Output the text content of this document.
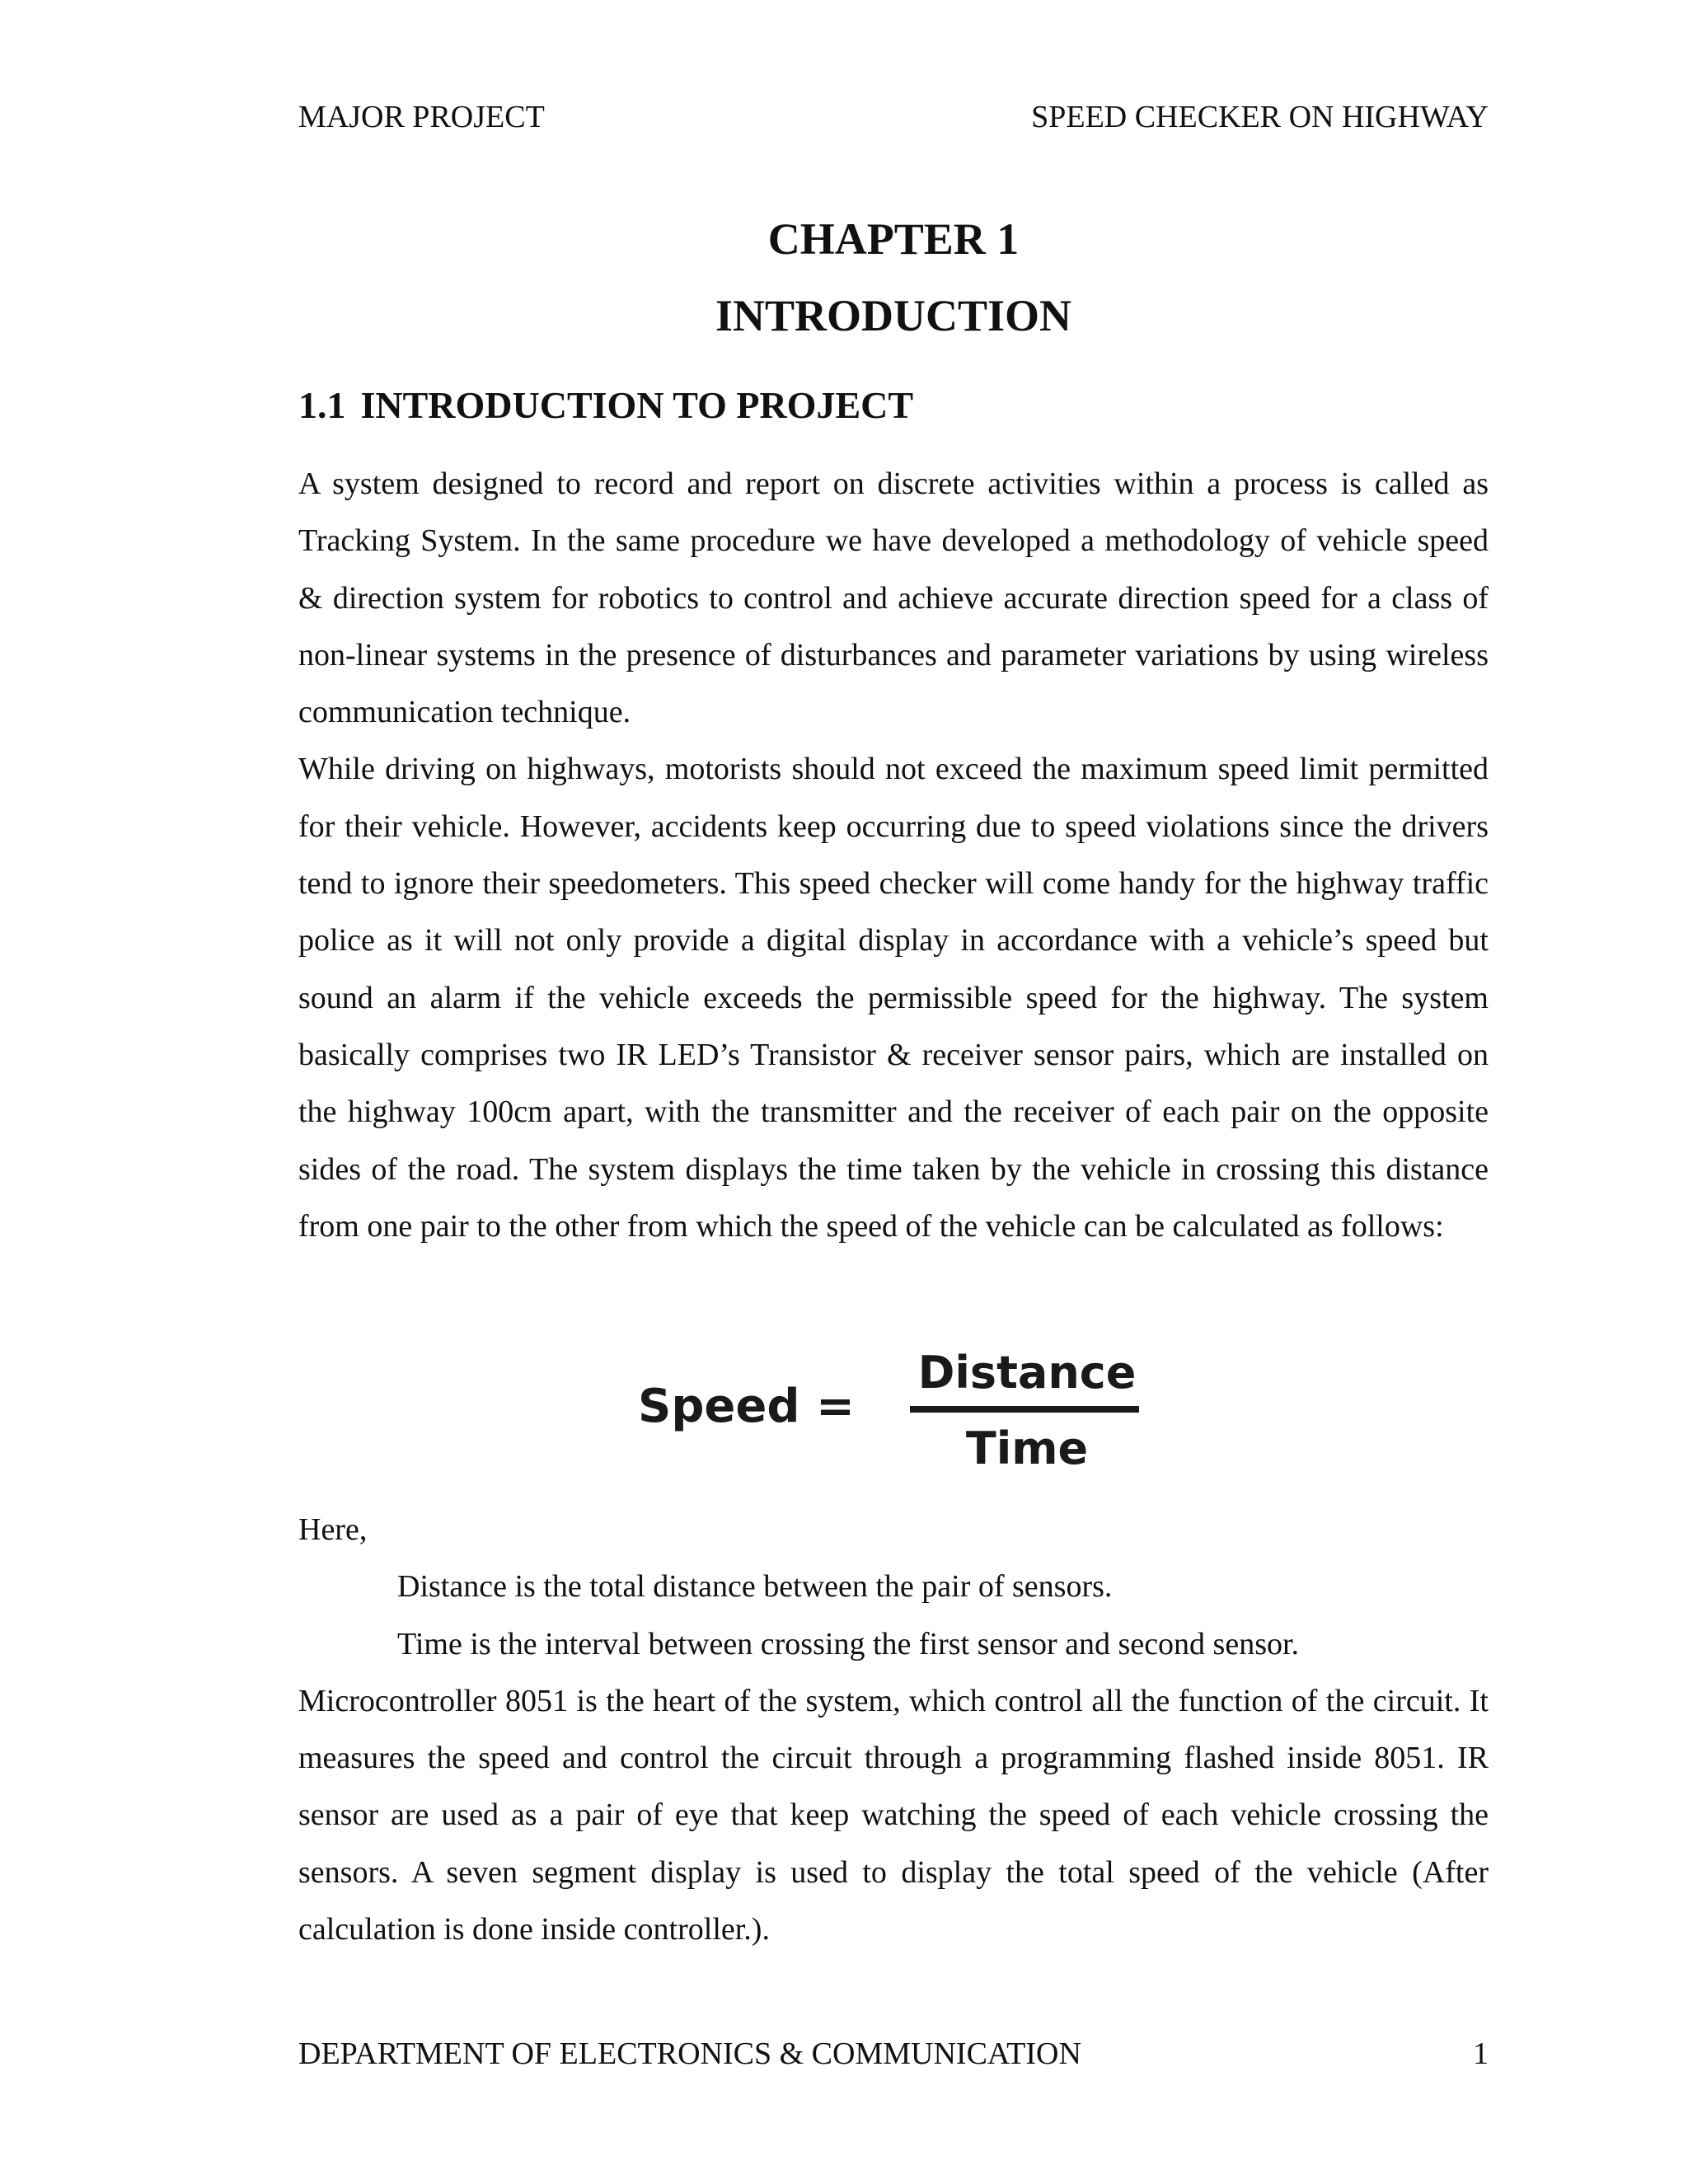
MAJOR PROJECT	SPEED CHECKER ON HIGHWAY
CHAPTER 1
INTRODUCTION
1.1 INTRODUCTION TO PROJECT

A system designed to record and report on discrete activities within a process is called as Tracking System. In the same procedure we have developed a methodology of vehicle speed & direction system for robotics to control and achieve accurate direction speed for a class of non-linear systems in the presence of disturbances and parameter variations by using wireless communication technique.

While driving on highways, motorists should not exceed the maximum speed limit permitted for their vehicle. However, accidents keep occurring due to speed violations since the drivers tend to ignore their speedometers. This speed checker will come handy for the highway traffic police as it will not only provide a digital display in accordance with a vehicle’s speed but sound an alarm if the vehicle exceeds the permissible speed for the highway. The system basically comprises two IR LED’s Transistor & receiver sensor pairs, which are installed on the highway 100cm apart, with the transmitter and the receiver of each pair on the opposite sides of the road. The system displays the time taken by the vehicle in crossing this distance from one pair to the other from which the speed of the vehicle can be calculated as follows:

Speed =
Distance
Time

Here,

Distance is the total distance between the pair of sensors.

Time is the interval between crossing the first sensor and second sensor.

Microcontroller 8051 is the heart of the system, which control all the function of the circuit. It measures the speed and control the circuit through a programming flashed inside 8051. IR sensor are used as a pair of eye that keep watching the speed of each vehicle crossing the sensors. A seven segment display is used to display the total speed of the vehicle (After calculation is done inside controller.).

DEPARTMENT OF ELECTRONICS & COMMUNICATION	1
